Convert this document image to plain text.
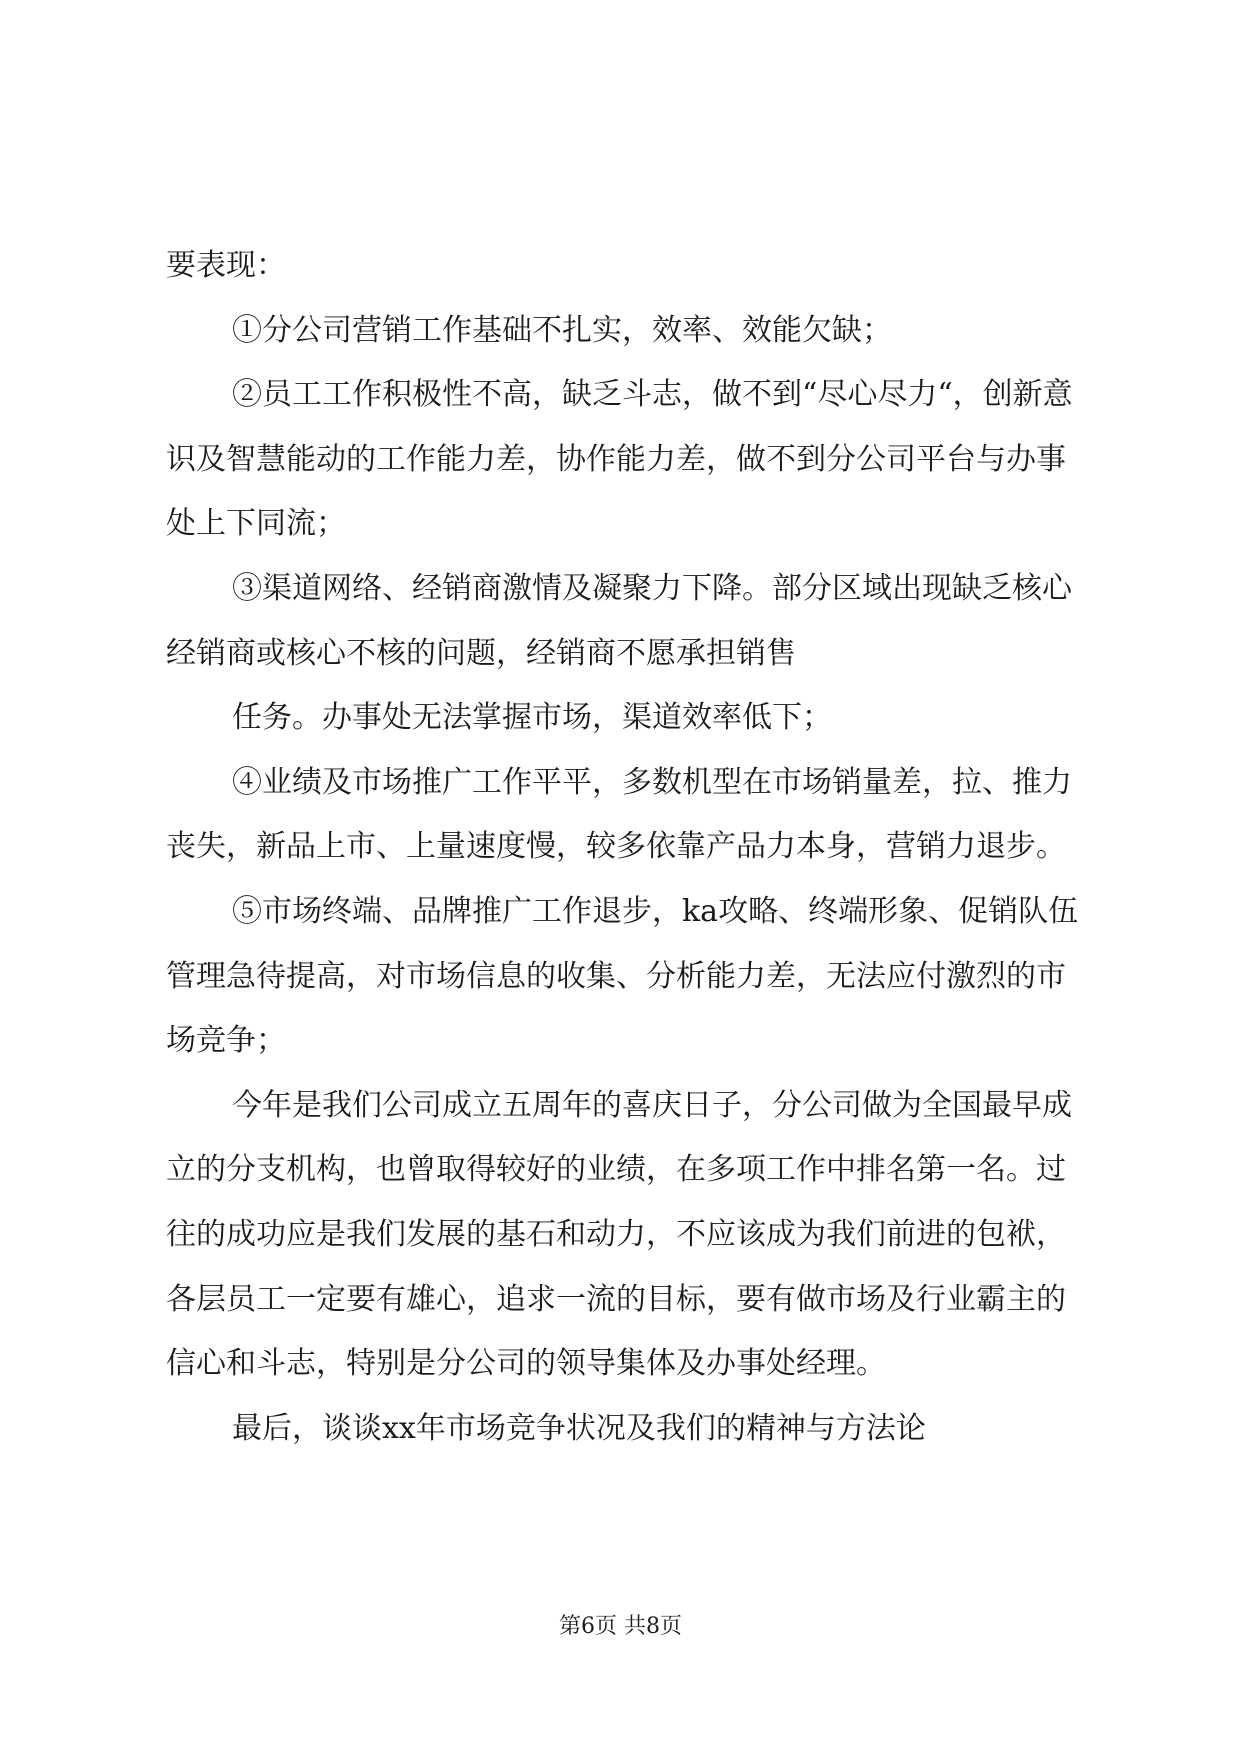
要表现：

①分公司营销工作基础不扎实，效率、效能欠缺；

②员工工作积极性不高，缺乏斗志，做不到“尽心尽力“，创新意识及智慧能动的工作能力差，协作能力差，做不到分公司平台与办事处上下同流；

③渠道网络、经销商激情及凝聚力下降。部分区域出现缺乏核心经销商或核心不核的问题，经销商不愿承担销售

任务。办事处无法掌握市场，渠道效率低下；

④业绩及市场推广工作平平，多数机型在市场销量差，拉、推力丧失，新品上市、上量速度慢，较多依靠产品力本身，营销力退步。

⑤市场终端、品牌推广工作退步，ka攻略、终端形象、促销队伍管理急待提高，对市场信息的收集、分析能力差，无法应付激烈的市场竞争；

今年是我们公司成立五周年的喜庆日子，分公司做为全国最早成立的分支机构，也曾取得较好的业绩，在多项工作中排名第一名。过往的成功应是我们发展的基石和动力，不应该成为我们前进的包袱，各层员工一定要有雄心，追求一流的目标，要有做市场及行业霸主的信心和斗志，特别是分公司的领导集体及办事处经理。

最后，谈谈xx年市场竞争状况及我们的精神与方法论

第6页 共8页
